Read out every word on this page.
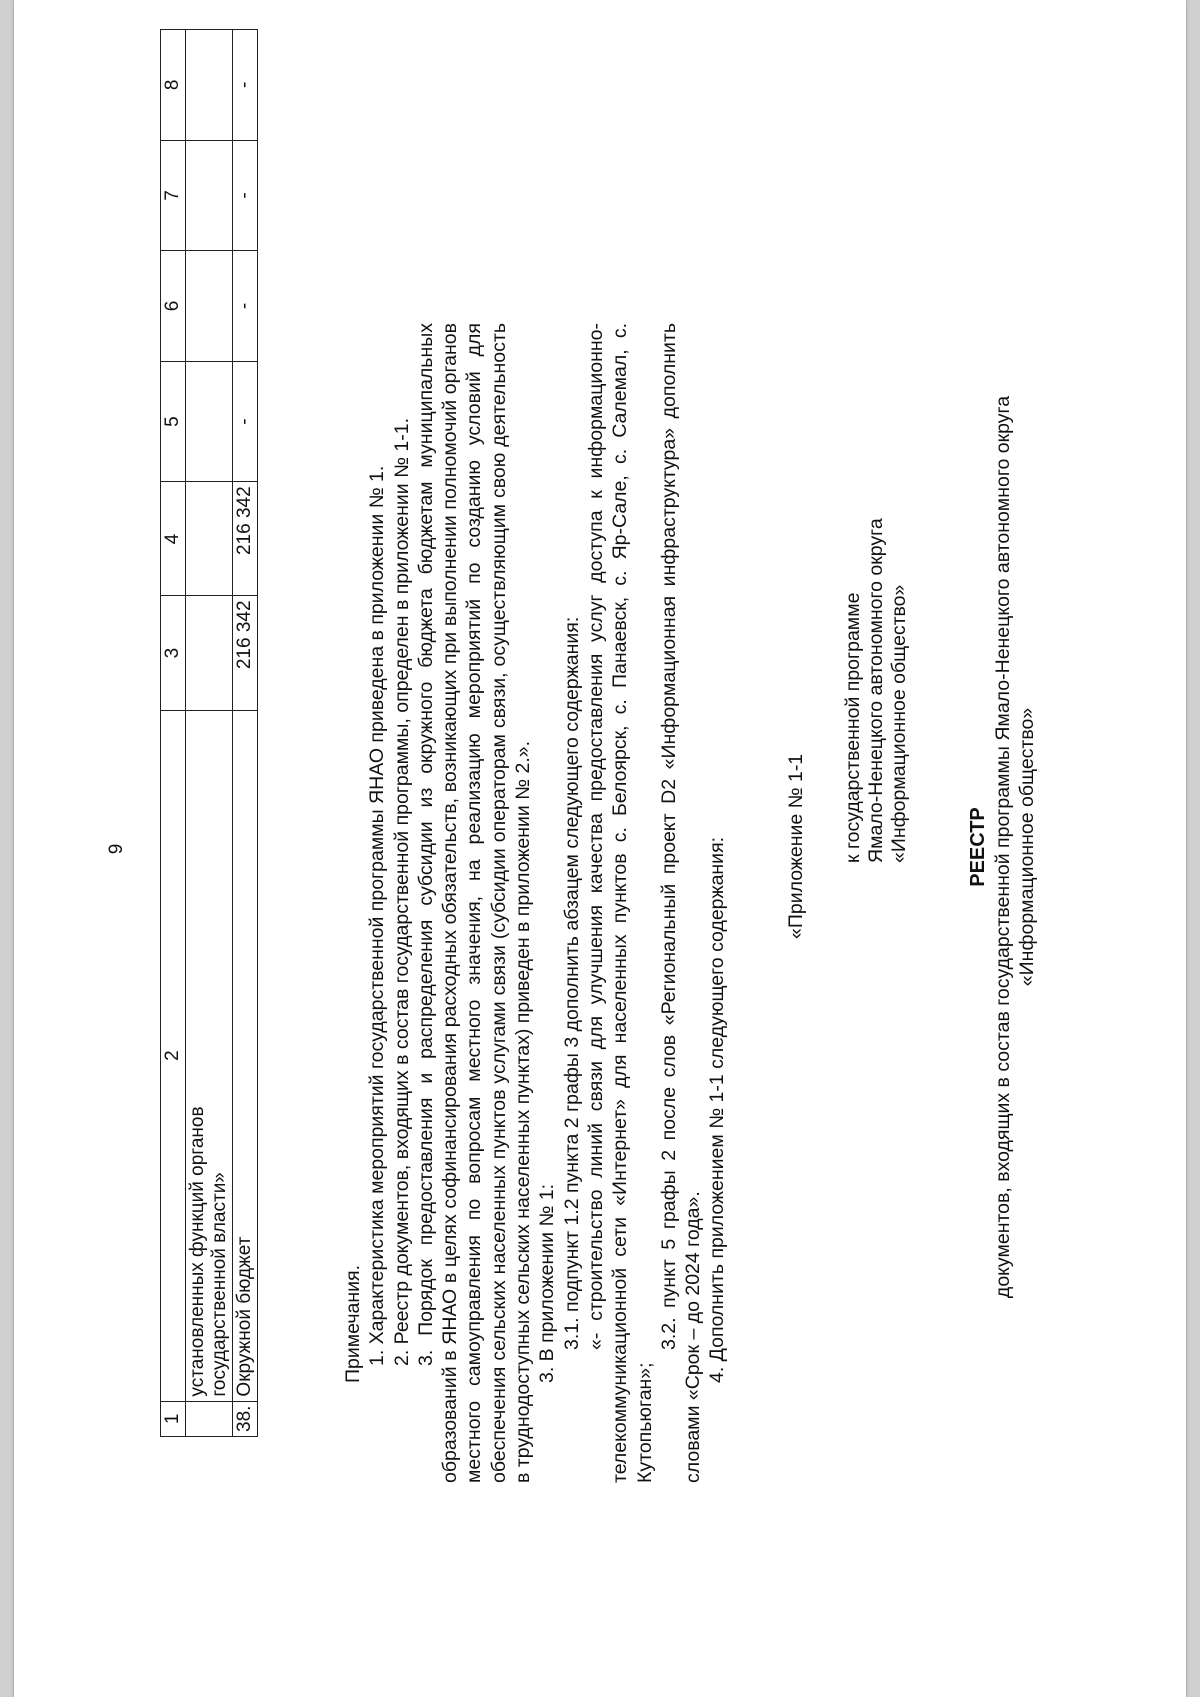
9
1	2	3	4	5	6	7	8

	установленных функций органов государственной власти»						

38.	Окружной бюджет	216 342	216 342	-	-	-	-

Примечания. 1. Характеристика мероприятий государственной программы ЯНАО приведена в приложении № 1. 2. Реестр документов, входящих в состав государственной программы, определен в приложении № 1-1. 3. Порядок предоставления и распределения субсидии из окружного бюджета бюджетам муниципальных образований в ЯНАО в целях софинансирования расходных обязательств, возникающих при выполнении полномочий органов местного самоуправления по вопросам местного значения, на реализацию мероприятий по созданию условий для обеспечения сельских населенных пунктов услугами связи (субсидии операторам связи, осуществляющим свою деятельность в труднодоступных сельских населенных пунктах) приведен в приложении № 2.». 3. В приложении № 1: 3.1. подпункт 1.2 пункта 2 графы 3 дополнить абзацем следующего содержания: «- строительство линий связи для улучшения качества предоставления услуг доступа к информационно-телекоммуникационной сети «Интернет» для населенных пунктов с. Белоярск, с. Панаевск, с. Яр-Сале, с. Салемал, с. Кутопьюган»;

3.2. пункт 5 графы 2 после слов «Региональный проект D2 «Информационная инфраструктура» дополнить словами «Срок – до 2024 года». 4. Дополнить приложением № 1-1 следующего содержания:	«Приложение № 1-1 к государственной программе Ямало-Ненецкого автономного округа «Информационное общество»	РЕЕСТР документов, входящих в состав государственной программы Ямало-Ненецкого автономного округа «Информационное общество»
